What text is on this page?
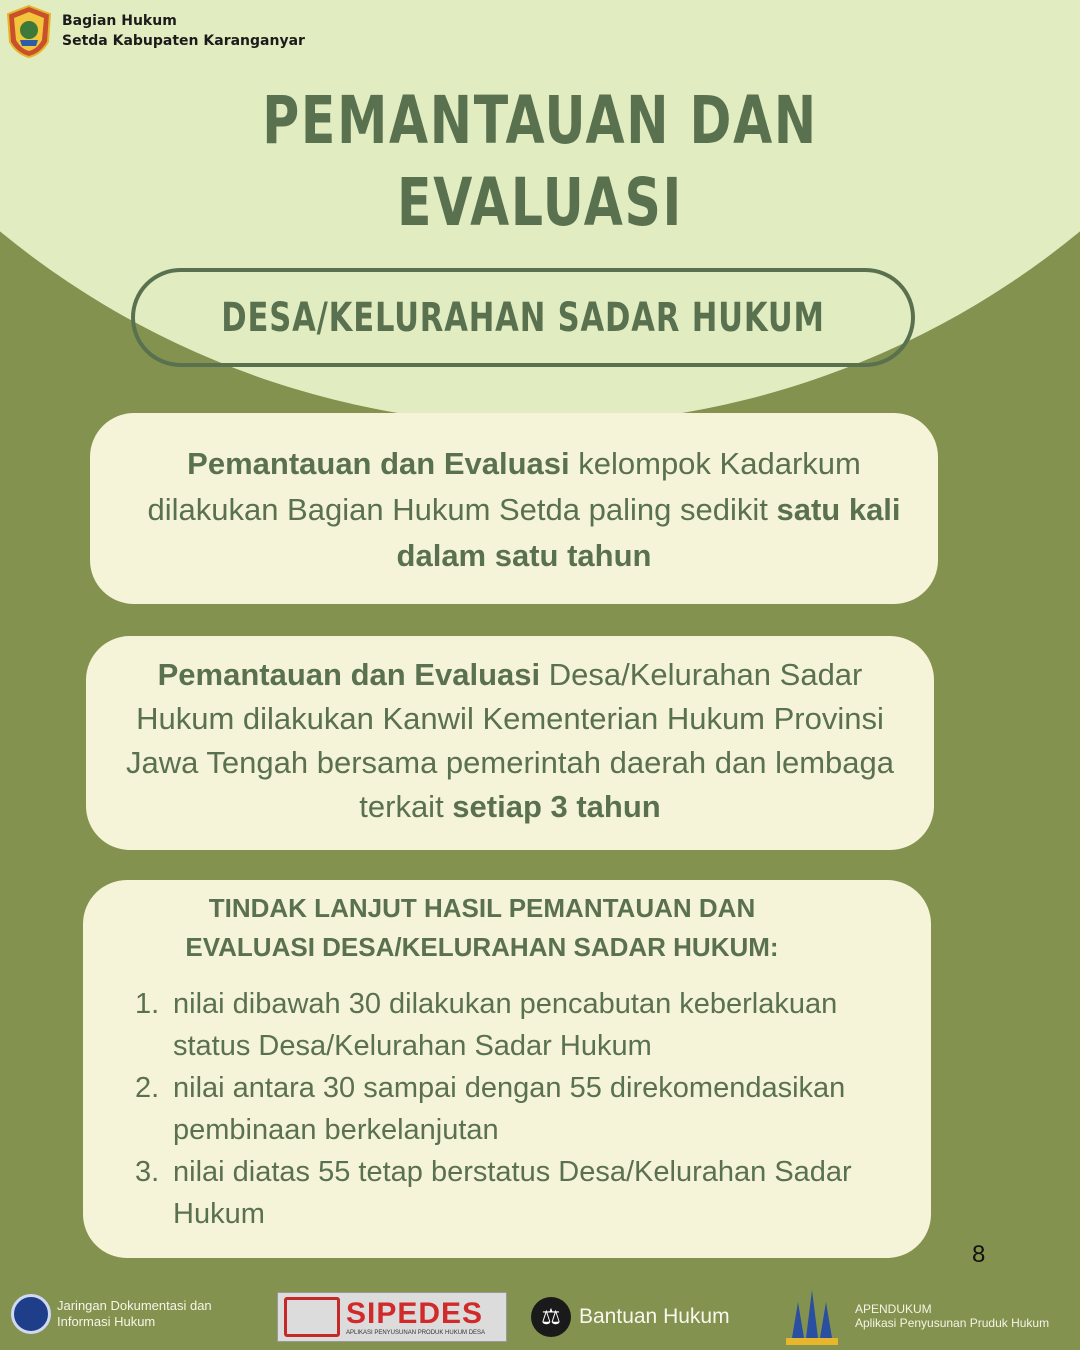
Bagian Hukum
Setda Kabupaten Karanganyar
PEMANTAUAN DAN
EVALUASI
DESA/KELURAHAN SADAR HUKUM
Pemantauan dan Evaluasi kelompok Kadarkum dilakukan Bagian Hukum Setda paling sedikit satu kali dalam satu tahun
Pemantauan dan Evaluasi Desa/Kelurahan Sadar Hukum dilakukan Kanwil Kementerian Hukum Provinsi Jawa Tengah bersama pemerintah daerah dan lembaga terkait setiap 3 tahun
TINDAK LANJUT HASIL PEMANTAUAN DAN
EVALUASI DESA/KELURAHAN SADAR HUKUM:
1. nilai dibawah 30 dilakukan pencabutan keberlakuan status Desa/Kelurahan Sadar Hukum
2. nilai antara 30 sampai dengan 55 direkomendasikan pembinaan berkelanjutan
3. nilai diatas 55 tetap berstatus Desa/Kelurahan Sadar Hukum
8
Jaringan Dokumentasi dan
Informasi Hukum	SIPEDES
APLIKASI PENYUSUNAN PRODUK HUKUM DESA
⚖ Bantuan Hukum	APENDUKUM
Aplikasi Penyusunan Pruduk Hukum
